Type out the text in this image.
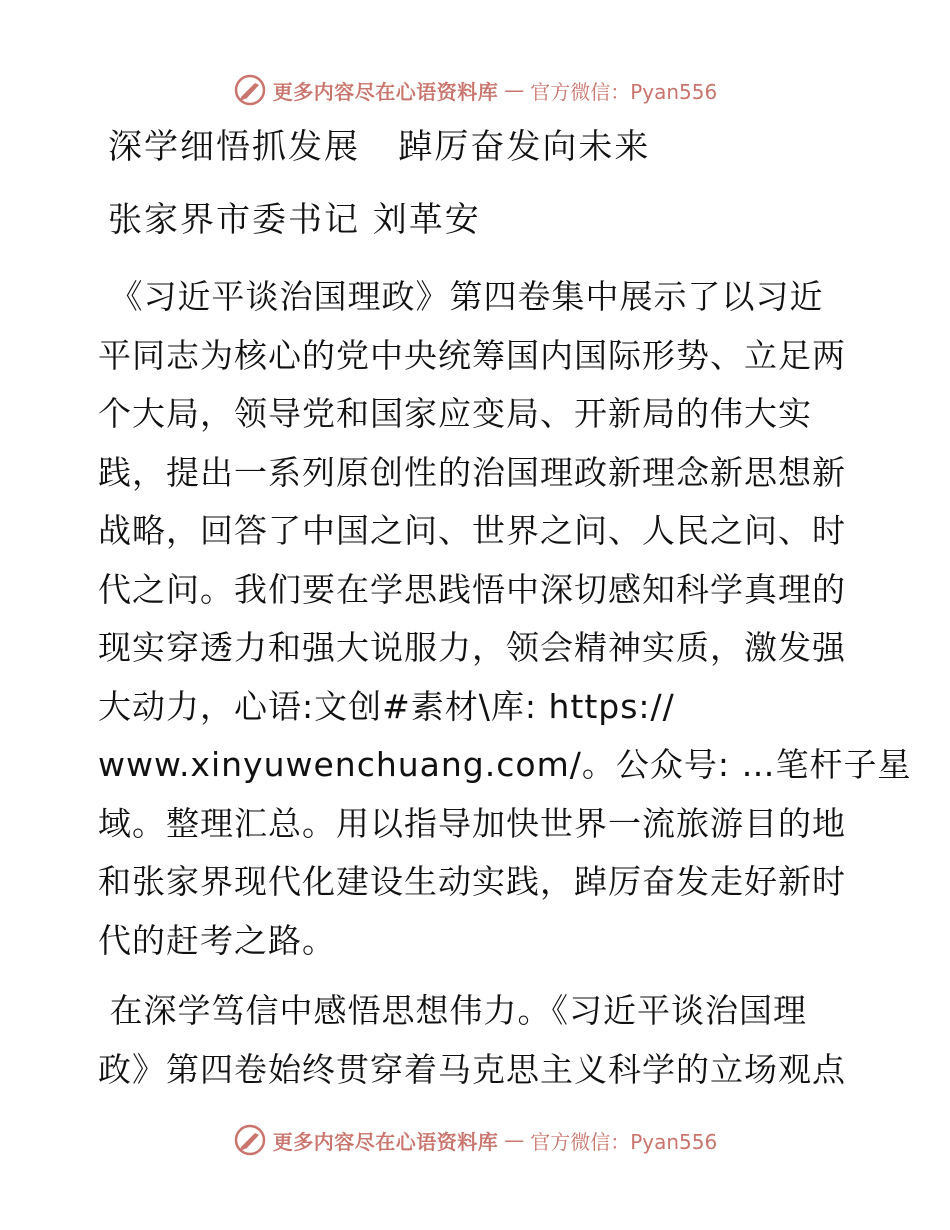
更多内容尽在心语资料库 — 官方微信：Pyan556
深学细悟抓发展   踔厉奋发向未来
张家界市委书记 刘革安
《习近平谈治国理政》第四卷集中展示了以习近
平同志为核心的党中央统筹国内国际形势、立足两
个大局，领导党和国家应变局、开新局的伟大实
践，提出一系列原创性的治国理政新理念新思想新
战略，回答了中国之问、世界之问、人民之问、时
代之问。我们要在学思践悟中深切感知科学真理的
现实穿透力和强大说服力，领会精神实质，激发强
大动力，心语:文创#素材\库: https://
www.xinyuwenchuang.com/。公众号: …笔杆子星
域。整理汇总。用以指导加快世界一流旅游目的地
和张家界现代化建设生动实践，踔厉奋发走好新时
代的赶考之路。
在深学笃信中感悟思想伟力。《习近平谈治国理
政》第四卷始终贯穿着马克思主义科学的立场观点
更多内容尽在心语资料库 — 官方微信：Pyan556
